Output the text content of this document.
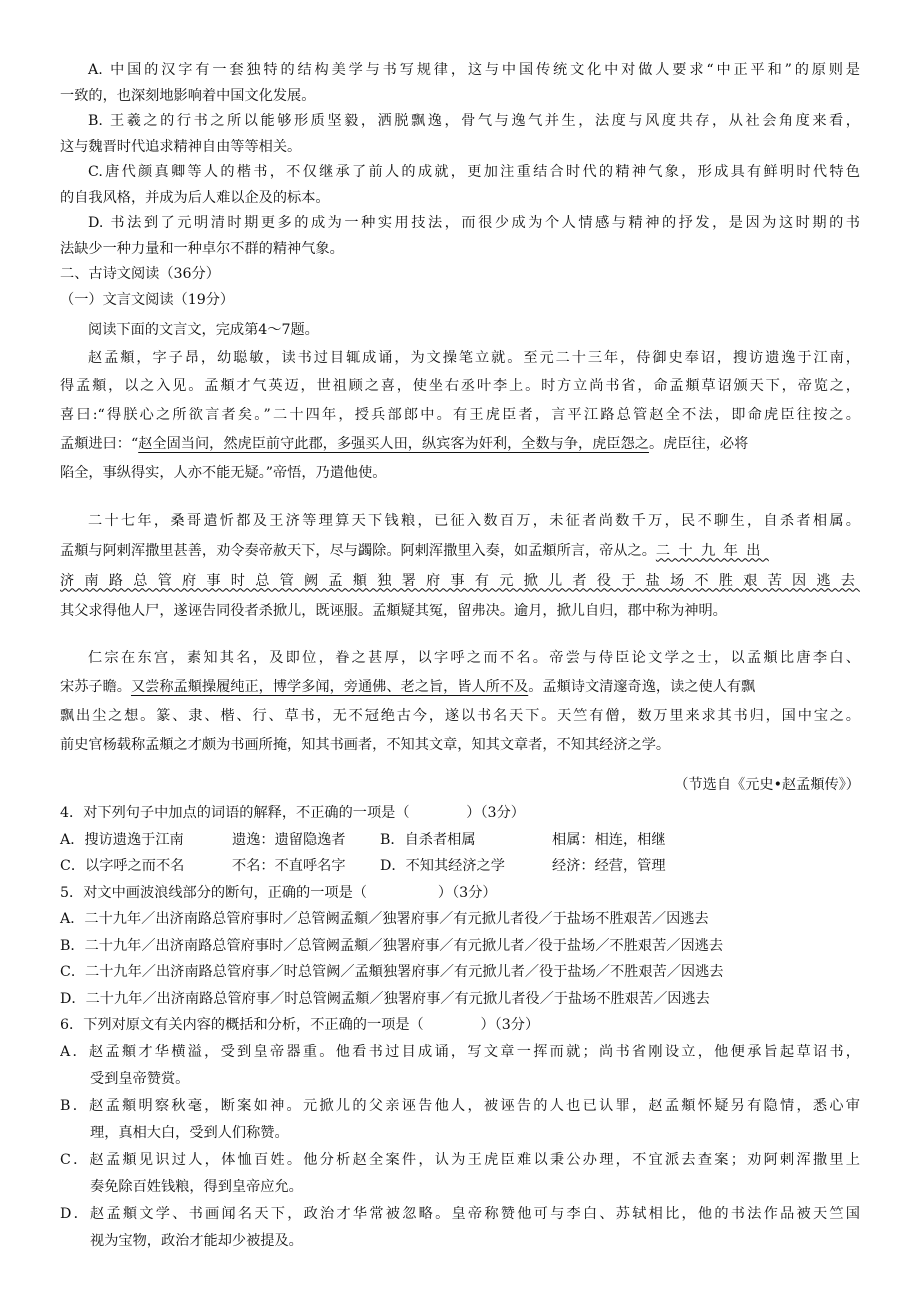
A. 中国的汉字有一套独特的结构美学与书写规律，这与中国传统文化中对做人要求“中正平和”的原则是
一致的，也深刻地影响着中国文化发展。
B. 王羲之的行书之所以能够形质坚毅，洒脱飘逸，骨气与逸气并生，法度与风度共存，从社会角度来看，
这与魏晋时代追求精神自由等等相关。
C.唐代颜真卿等人的楷书，不仅继承了前人的成就，更加注重结合时代的精神气象，形成具有鲜明时代特色
的自我风格，并成为后人难以企及的标本。
D. 书法到了元明清时期更多的成为一种实用技法，而很少成为个人情感与精神的抒发，是因为这时期的书
法缺少一种力量和一种卓尔不群的精神气象。
二、古诗文阅读（36分）
（一）文言文阅读（19分）
阅读下面的文言文，完成第4～7题。
赵孟頫，字子昂，幼聪敏，读书过目辄成诵，为文操笔立就。至元二十三年，侍御史奉诏，搜访遗逸于江南，
得孟頫，以之入见。孟頫才气英迈，世祖顾之喜，使坐右丞叶李上。时方立尚书省，命孟頫草诏颁天下，帝览之，
喜曰:“得朕心之所欲言者矣。”二十四年，授兵部郎中。有王虎臣者，言平江路总管赵全不法，即命虎臣往按之。
孟頫进曰：“赵全固当问，然虎臣前守此郡，多强买人田，纵宾客为奸利，全数与争，虎臣怨之。虎臣往，必将
陷全，事纵得实，人亦不能无疑。”帝悟，乃遣他使。
二十七年，桑哥遣忻都及王济等理算天下钱粮，已征入数百万，未征者尚数千万，民不聊生，自杀者相属。
孟頫与阿剌浑撒里甚善，劝令奏帝赦天下，尽与蠲除。阿剌浑撒里入奏，如孟頫所言，帝从之。二十九年出
济南路总管府事时总管阙孟頫独署府事有元掀儿者役于盐场不胜艰苦因逃去
其父求得他人尸，遂诬告同役者杀掀儿，既诬服。孟頫疑其冤，留弗决。逾月，掀儿自归，郡中称为神明。
仁宗在东宫，素知其名，及即位，眷之甚厚，以字呼之而不名。帝尝与侍臣论文学之士，以孟頫比唐李白、
宋苏子瞻。又尝称孟頫操履纯正，博学多闻，旁通佛、老之旨，皆人所不及。孟頫诗文清邃奇逸，读之使人有飘
飘出尘之想。篆、隶、楷、行、草书，无不冠绝古今，遂以书名天下。天竺有僧，数万里来求其书归，国中宝之。
前史官杨载称孟頫之才颇为书画所掩，知其书画者，不知其文章，知其文章者，不知其经济之学。
（节选自《元史•赵孟頫传》）
4．对下列句子中加点的词语的解释，不正确的一项是（　　　　）（3分）
A．搜访遗逸于江南	遗逸：遗留隐逸者 B．自杀者相属	相属：相连，相继
C．以字呼之而不名	不名：不直呼名字 D．不知其经济之学	经济：经营，管理
5．对文中画波浪线部分的断句，正确的一项是（　　　　　）（3分）
A．二十九年／出济南路总管府事时／总管阙孟頫／独署府事／有元掀儿者役／于盐场不胜艰苦／因逃去
B．二十九年／出济南路总管府事时／总管阙孟頫／独署府事／有元掀儿者／役于盐场／不胜艰苦／因逃去
C．二十九年／出济南路总管府事／时总管阙／孟頫独署府事／有元掀儿者／役于盐场／不胜艰苦／因逃去
D．二十九年／出济南路总管府事／时总管阙孟頫／独署府事／有元掀儿者役／于盐场不胜艰苦／因逃去
6．下列对原文有关内容的概括和分析，不正确的一项是（　　　　）（3分）
A．赵孟頫才华横溢，受到皇帝器重。他看书过目成诵，写文章一挥而就；尚书省刚设立，他便承旨起草诏书，
受到皇帝赞赏。
B．赵孟頫明察秋毫，断案如神。元掀儿的父亲诬告他人，被诬告的人也已认罪，赵孟頫怀疑另有隐情，悉心审
理，真相大白，受到人们称赞。
C．赵孟頫见识过人，体恤百姓。他分析赵全案件，认为王虎臣难以秉公办理，不宜派去查案；劝阿剌浑撒里上
奏免除百姓钱粮，得到皇帝应允。
D．赵孟頫文学、书画闻名天下，政治才华常被忽略。皇帝称赞他可与李白、苏轼相比，他的书法作品被天竺国
视为宝物，政治才能却少被提及。
